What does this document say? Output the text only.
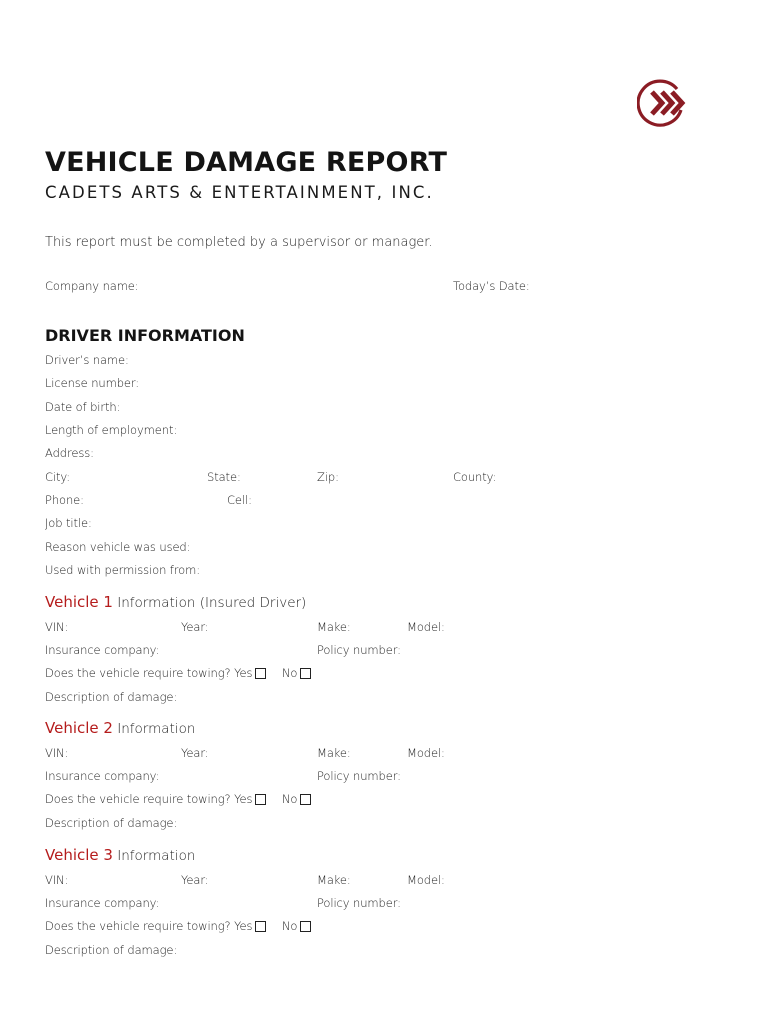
VEHICLE DAMAGE REPORT
CADETS ARTS & ENTERTAINMENT, INC.
This report must be completed by a supervisor or manager.
Company name:	Today’s Date:
DRIVER INFORMATION
Driver’s name:
License number:
Date of birth:
Length of employment:
Address:
City:	State:	Zip:	County:
Phone:	Cell:
Job title:
Reason vehicle was used:
Used with permission from:
Vehicle 1 Information (Insured Driver)
VIN:	Year:	Make:	Model:
Insurance company:	Policy number:
Does the vehicle require towing? Yes	No
Description of damage:
Vehicle 2 Information
VIN:	Year:	Make:	Model:
Insurance company:	Policy number:
Does the vehicle require towing? Yes	No
Description of damage:
Vehicle 3 Information
VIN:	Year:	Make:	Model:
Insurance company:	Policy number:
Does the vehicle require towing? Yes	No
Description of damage:
